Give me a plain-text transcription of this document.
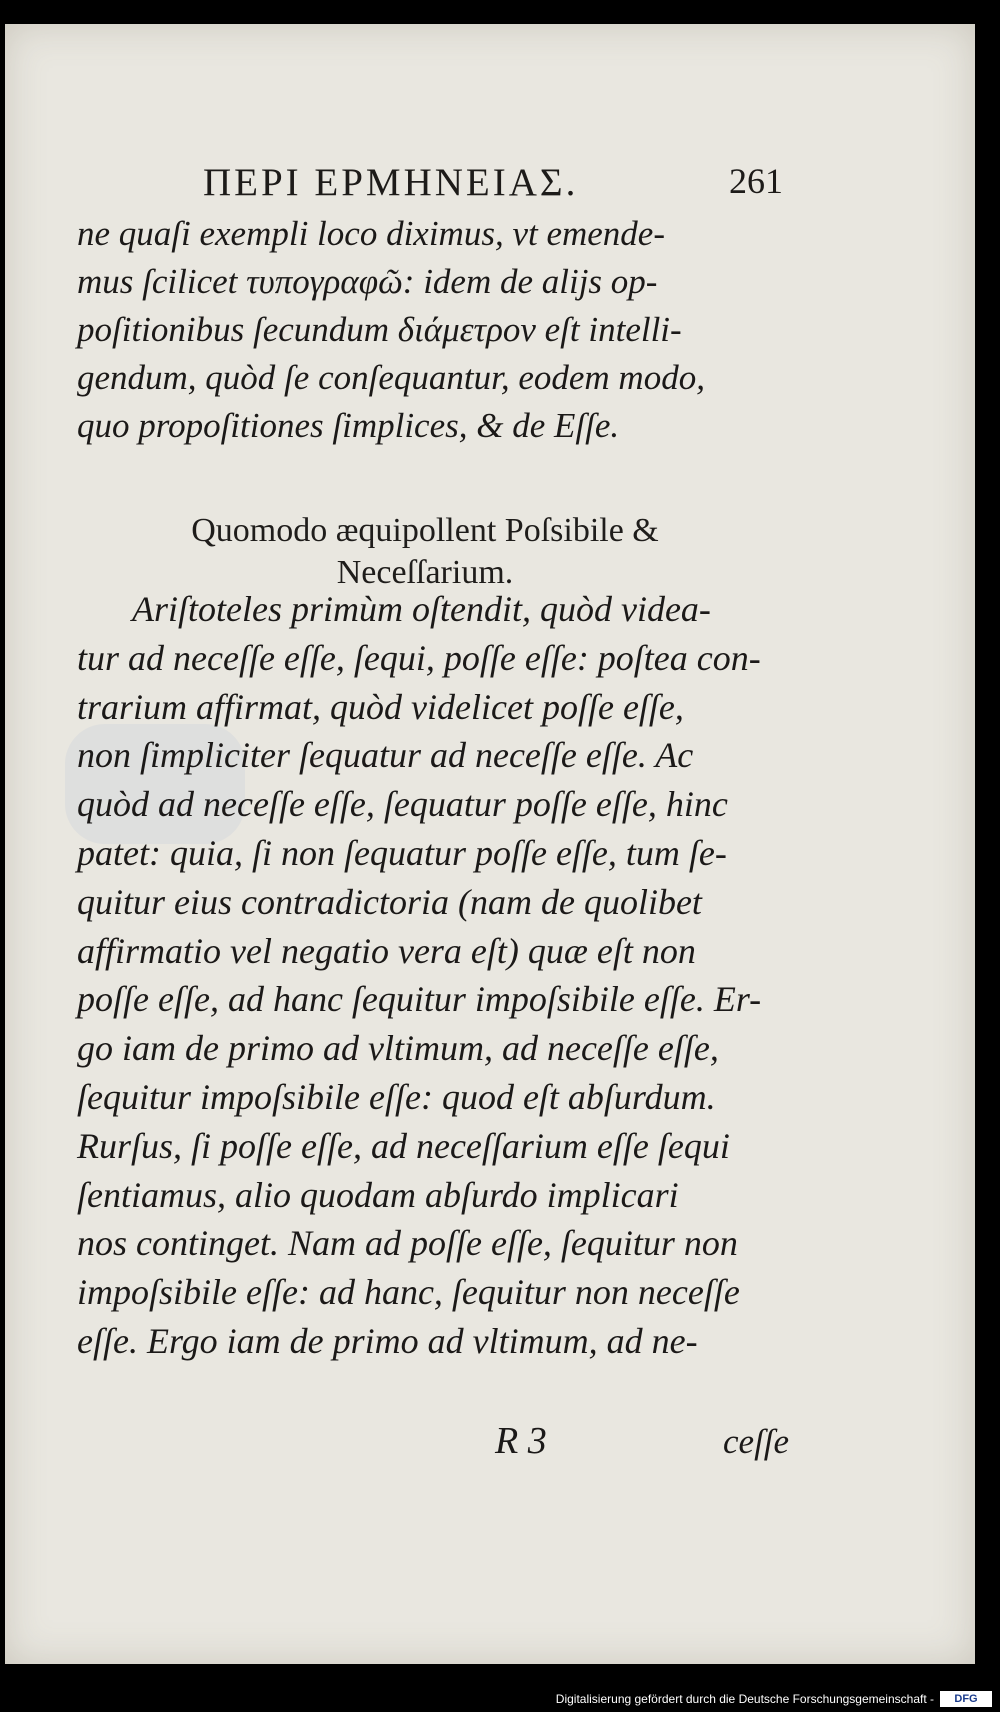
ΠΕΡΙ ΕΡΜΗΝΕΙΑΣ.	261
ne quaſi exempli loco diximus, vt emende-
mus ſcilicet τυπογραφῶ: idem de alijs op-
poſitionibus ſecundum διάμετρον eſt intelli-
gendum, quòd ſe conſequantur, eodem modo,
quo propoſitiones ſimplices, & de Eſſe.
Quomodo æquipollent Poſsibile &
Neceſſarium.
Ariſtoteles primùm oſtendit, quòd videa-
tur ad neceſſe eſſe, ſequi, poſſe eſſe: poſtea con-
trarium affirmat, quòd videlicet poſſe eſſe,
non ſimpliciter ſequatur ad neceſſe eſſe. Ac
quòd ad neceſſe eſſe, ſequatur poſſe eſſe, hinc
patet: quia, ſi non ſequatur poſſe eſſe, tum ſe-
quitur eius contradictoria (nam de quolibet
affirmatio vel negatio vera eſt) quæ eſt non
poſſe eſſe, ad hanc ſequitur impoſsibile eſſe. Er-
go iam de primo ad vltimum, ad neceſſe eſſe,
ſequitur impoſsibile eſſe: quod eſt abſurdum.
Rurſus, ſi poſſe eſſe, ad neceſſarium eſſe ſequi
ſentiamus, alio quodam abſurdo implicari
nos continget. Nam ad poſſe eſſe, ſequitur non
impoſsibile eſſe: ad hanc, ſequitur non neceſſe
eſſe. Ergo iam de primo ad vltimum, ad ne-
R 3	ceſſe
Digitalisierung gefördert durch die Deutsche Forschungsgemeinschaft -	DFG
